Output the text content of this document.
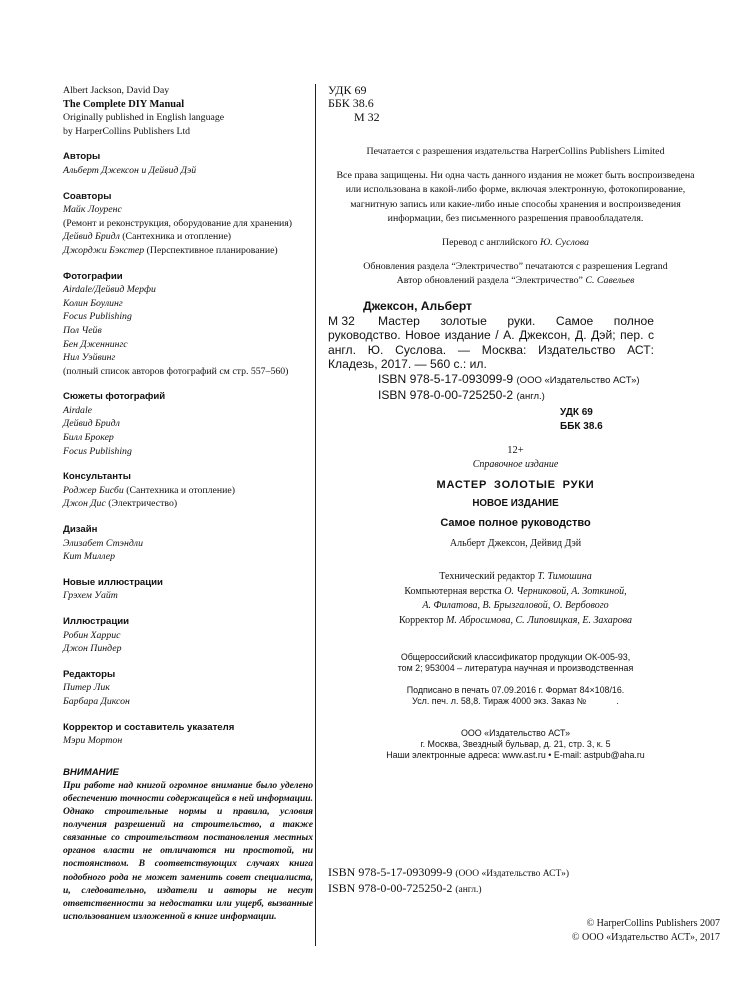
Albert Jackson, David Day
The Complete DIY Manual
Originally published in English language
by HarperCollins Publishers Ltd
Авторы
Альберт Джексон и Дейвид Дэй
Соавторы
Майк Лоуренс
(Ремонт и реконструкция, оборудование для хранения)
Дейвид Бридл (Сантехника и отопление)
Джорджи Бэкстер (Перспективное планирование)
Фотографии
Airdale/Дейвид Мерфи
Колин Боулинг
Focus Publishing
Пол Чейв
Бен Дженнингс
Нил Уэйвинг
(полный список авторов фотографий см стр. 557–560)
Сюжеты фотографий
Airdale
Дейвид Бридл
Билл Брокер
Focus Publishing
Консультанты
Роджер Бисби (Сантехника и отопление)
Джон Дис (Электричество)
Дизайн
Элизабет Стэндли
Кит Миллер
Новые иллюстрации
Грэхем Уайт
Иллюстрации
Робин Харрис
Джон Пиндер
Редакторы
Питер Лик
Барбара Диксон
Корректор и составитель указателя
Мэри Мортон
ВНИМАНИЕ
При работе над книгой огромное внимание было уделено обеспечению точности содержащейся в ней информации. Однако строительные нормы и правила, условия получения разрешений на строительство, а также связанные со строительством постановления местных органов власти не отличаются ни простотой, ни постоянством. В соответствующих случаях книга подобного рода не может заменить совет специалиста, и, следовательно, издатели и авторы не несут ответственности за недостатки или ущерб, вызванные использованием изложенной в книге информации.
УДК 69
ББК 38.6
М 32

Печатается с разрешения издательства HarperCollins Publishers Limited

Все права защищены. Ни одна часть данного издания не может быть воспроизведена или использована в какой-либо форме, включая электронную, фотокопирование, магнитную запись или какие-либо иные способы хранения и воспроизведения информации, без письменного разрешения правообладателя.

Перевод с английского Ю. Суслова

Обновления раздела “Электричество” печатаются с разрешения Legrand
Автор обновлений раздела “Электричество” С. Савельев

Джексон, Альберт
М 32 Мастер золотые руки. Самое полное руководство. Новое издание / А. Джексон, Д. Дэй; пер. с англ. Ю. Суслова. — Москва: Издательство АСТ: Кладезь, 2017. — 560 с.: ил.
ISBN 978-5-17-093099-9 (ООО «Издательство АСТ»)
ISBN 978-0-00-725250-2 (англ.)
УДК 69
ББК 38.6
12+
Справочное издание
МАСТЕР ЗОЛОТЫЕ РУКИ
НОВОЕ ИЗДАНИЕ
Самое полное руководство
Альберт Джексон, Дейвид Дэй
Технический редактор Т. Тимошина
Компьютерная верстка О. Черниковой, А. Зоткиной,
А. Филатова, В. Брызгаловой, О. Вербового
Корректор М. Абросимова, С. Липовицкая, Е. Захарова
Общероссийский классификатор продукции ОК-005-93,
том 2; 953004 – литература научная и производственная
Подписано в печать 07.09.2016 г. Формат 84×108/16.
Усл. печ. л. 58,8. Тираж 4000 экз. Заказ №	.
ООО «Издательство АСТ»
г. Москва, Звездный бульвар, д. 21, стр. 3, к. 5
Наши электронные адреса: www.ast.ru • E-mail: astpub@aha.ru
ISBN 978-5-17-093099-9 (ООО «Издательство АСТ»)
ISBN 978-0-00-725250-2 (англ.)
© HarperCollins Publishers 2007
© ООО «Издательство АСТ», 2017
